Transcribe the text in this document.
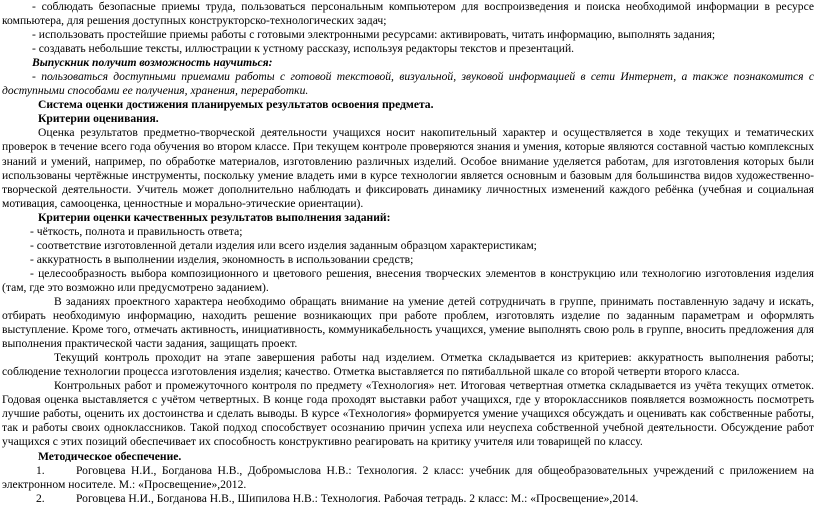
- соблюдать безопасные приемы труда, пользоваться персональным компьютером для воспроизведения и поиска необходимой информации в ресурсе компьютера, для решения доступных конструкторско-технологических задач;

- использовать простейшие приемы работы с готовыми электронными ресурсами: активировать, читать информацию, выполнять задания;

- создавать небольшие тексты, иллюстрации к устному рассказу, используя редакторы текстов и презентаций.

Выпускник получит возможность научиться:

- пользоваться доступными приемами работы с готовой текстовой, визуальной, звуковой информацией в сети Интернет, а также познакомится с доступными способами ее получения, хранения, переработки.

Система оценки достижения планируемых результатов освоения предмета.

Критерии оценивания.

Оценка результатов предметно-творческой деятельности учащихся носит накопительный характер и осуществляется в ходе текущих и тематических проверок в течение всего года обучения во втором классе. При текущем контроле проверяются знания и умения, которые являются составной частью комплексных знаний и умений, например, по обработке материалов, изготовлению различных изделий. Особое внимание уделяется работам, для изготовления которых были использованы чертёжные инструменты, поскольку умение владеть ими в курсе технологии является основным и базовым для большинства видов художественно-творческой деятельности. Учитель может дополнительно наблюдать и фиксировать динамику личностных изменений каждого ребёнка (учебная и социальная мотивация, самооценка, ценностные и морально-этические ориентации).

Критерии оценки качественных результатов выполнения заданий:

- чёткость, полнота и правильность ответа;

- соответствие изготовленной детали изделия или всего изделия заданным образцом характеристикам;

- аккуратность в выполнении изделия, экономность в использовании средств;

- целесообразность выбора композиционного и цветового решения, внесения творческих элементов в конструкцию или технологию изготовления изделия (там, где это возможно или предусмотрено заданием).

В заданиях проектного характера необходимо обращать внимание на умение детей сотрудничать в группе, принимать поставленную задачу и искать, отбирать необходимую информацию, находить решение возникающих при работе проблем, изготовлять изделие по заданным параметрам и оформлять выступление. Кроме того, отмечать активность, инициативность, коммуникабельность учащихся, умение выполнять свою роль в группе, вносить предложения для выполнения практической части задания, защищать проект.

Текущий контроль проходит на этапе завершения работы над изделием. Отметка складывается из критериев: аккуратность выполнения работы; соблюдение технологии процесса изготовления изделия; качество. Отметка выставляется по пятибалльной шкале со второй четверти второго класса.

Контрольных работ и промежуточного контроля по предмету «Технология» нет. Итоговая четвертная отметка складывается из учёта текущих отметок. Годовая оценка выставляется с учётом четвертных. В конце года проходят выставки работ учащихся, где у второклассников появляется возможность посмотреть лучшие работы, оценить их достоинства и сделать выводы. В курсе «Технология» формируется умение учащихся обсуждать и оценивать как собственные работы, так и работы своих одноклассников. Такой подход способствует осознанию причин успеха или неуспеха собственной учебной деятельности. Обсуждение работ учащихся с этих позиций обеспечивает их способность конструктивно реагировать на критику учителя или товарищей по классу.

Методическое обеспечение.

1.	Роговцева Н.И., Богданова Н.В., Добромыслова Н.В.: Технология. 2 класс: учебник для общеобразовательных учреждений с приложением на электронном носителе. М.: «Просвещение»,2012.

2.	Роговцева Н.И., Богданова Н.В., Шипилова Н.В.: Технология. Рабочая тетрадь. 2 класс: М.: «Просвещение»,2014.
